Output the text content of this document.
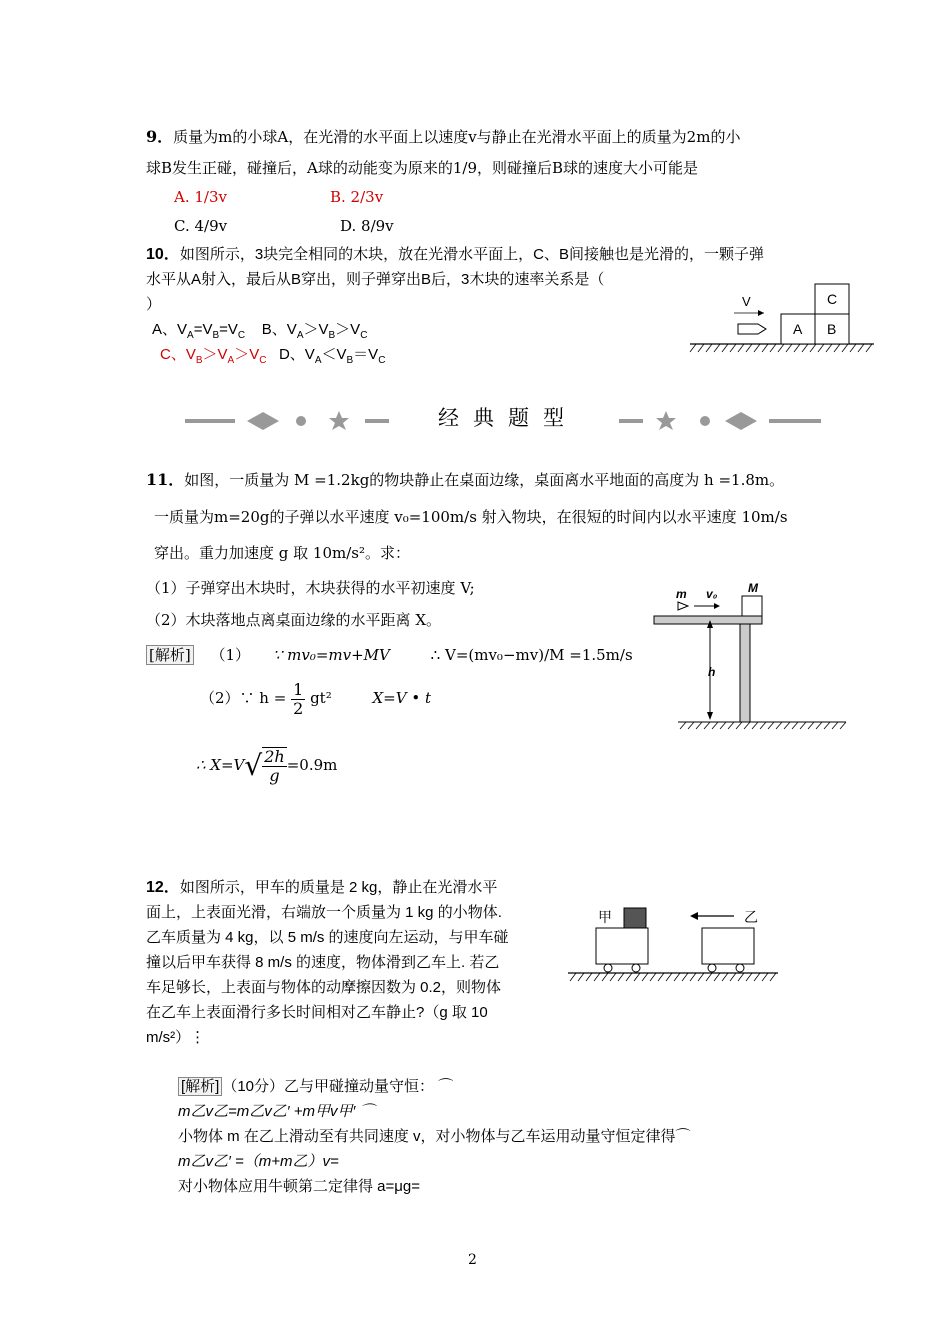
9．质量为m的小球A，在光滑的水平面上以速度v与静止在光滑水平面上的质量为2m的小
球B发生正碰，碰撞后，A球的动能变为原来的1/9，则碰撞后B球的速度大小可能是
A. 1/3v	B. 2/3v
C. 4/9v	D. 8/9v
10．如图所示，3块完全相同的木块，放在光滑水平面上，C、B间接触也是光滑的，一颗子弹
水平从A射入，最后从B穿出，则子弹穿出B后，3木块的速率关系是（
）
A、$V_A=V_B=V_C$ B、$V_A>V_B>V_C$
C、$V_B>V_A>V_C$ D、$V_A<V_B=V_C$
A B
C
V
经典题型
11．如图，一质量为 M =1.2kg的物块静止在桌面边缘，桌面离水平地面的高度为 h =1.8m。
一质量为m=20g的子弹以水平速度 v₀=100m/s 射入物块，在很短的时间内以水平速度 10m/s
穿出。重力加速度 g 取 10m/s²。求：
（1）子弹穿出木块时，木块获得的水平初速度 V;
（2）木块落地点离桌面边缘的水平距离 X。
[解析] （1） ∵ mv₀=mv+MV	∴ V=(mv₀−mv)/M =1.5m/s
（2）∵ $h = \frac{1}{2} gt^2$	X=V • t
∴ $X=V√ \frac{2h}{g} =0.9m$
m v₀	M
h
12．如图所示，甲车的质量是 2 kg，静止在光滑水平
面上，上表面光滑，右端放一个质量为 1 kg 的小物体.
乙车质量为 4 kg，以 5 m/s 的速度向左运动，与甲车碰
撞以后甲车获得 8 m/s 的速度，物体滑到乙车上. 若乙
车足够长，上表面与物体的动摩擦因数为 0.2，则物体
在乙车上表面滑行多长时间相对乙车静止?（g 取 10
m/s²）⋮
甲	乙
[解析] （10分）乙与甲碰撞动量守恒： ⌒
m乙v乙=m乙v乙′ +m甲v甲′ ⌒
小物体 m 在乙上滑动至有共同速度 v，对小物体与乙车运用动量守恒定律得⌒
m乙v乙′ =（m+m乙）v=
对小物体应用牛顿第二定律得 a=μg=
2
